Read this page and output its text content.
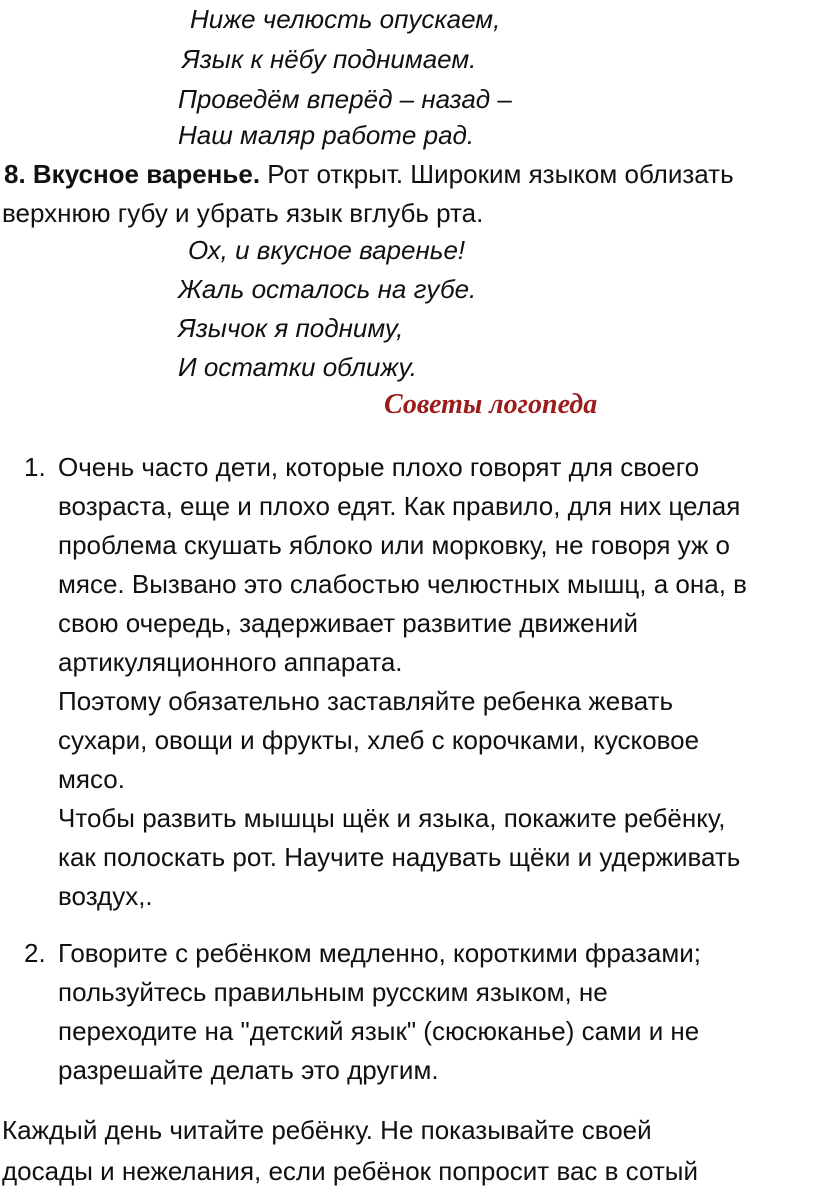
Ниже челюсть опускаем,
Язык к нёбу поднимаем.
Проведём вперёд – назад –
Наш маляр работе рад.
8. Вкусное варенье. Рот открыт. Широким языком облизать
верхнюю губу и убрать язык вглубь рта.
Ох, и вкусное варенье!
Жаль осталось на губе.
Язычок я подниму,
И остатки оближу.
Советы логопеда
1. Очень часто дети, которые плохо говорят для своего
возраста, еще и плохо едят. Как правило, для них целая
проблема скушать яблоко или морковку, не говоря уж о
мясе. Вызвано это слабостью челюстных мышц, а она, в
свою очередь, задерживает развитие движений
артикуляционного аппарата.
Поэтому обязательно заставляйте ребенка жевать
сухари, овощи и фрукты, хлеб с корочками, кусковое
мясо.
Чтобы развить мышцы щёк и языка, покажите ребёнку,
как полоскать рот. Научите надувать щёки и удерживать
воздух,.
2. Говорите с ребёнком медленно, короткими фразами;
пользуйтесь правильным русским языком, не
переходите на "детский язык" (сюсюканье) сами и не
разрешайте делать это другим.
Каждый день читайте ребёнку. Не показывайте своей
досады и нежелания, если ребёнок попросит вас в сотый
